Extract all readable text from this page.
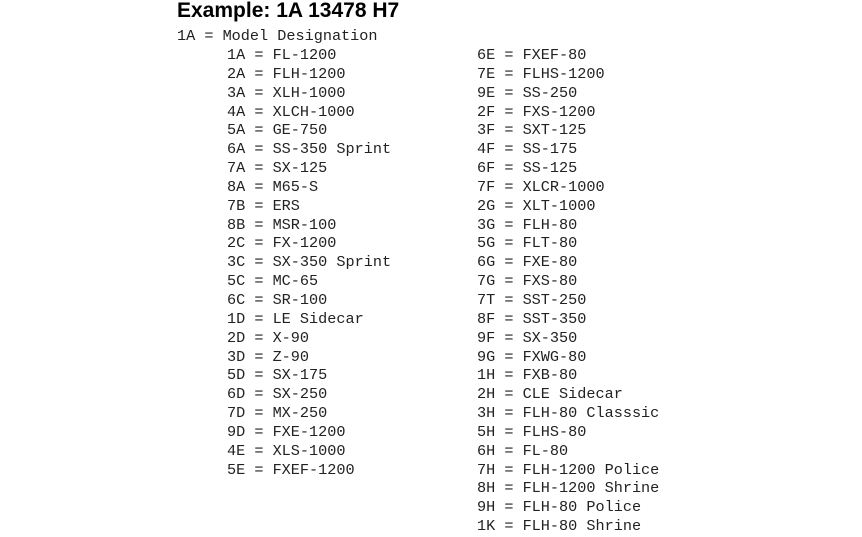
Example: 1A 13478 H7
1A = Model Designation
1A = FL-1200
2A = FLH-1200
3A = XLH-1000
4A = XLCH-1000
5A = GE-750
6A = SS-350 Sprint
7A = SX-125
8A = M65-S
7B = ERS
8B = MSR-100
2C = FX-1200
3C = SX-350 Sprint
5C = MC-65
6C = SR-100
1D = LE Sidecar
2D = X-90
3D = Z-90
5D = SX-175
6D = SX-250
7D = MX-250
9D = FXE-1200
4E = XLS-1000
5E = FXEF-1200
6E = FXEF-80
7E = FLHS-1200
9E = SS-250
2F = FXS-1200
3F = SXT-125
4F = SS-175
6F = SS-125
7F = XLCR-1000
2G = XLT-1000
3G = FLH-80
5G = FLT-80
6G = FXE-80
7G = FXS-80
7T = SST-250
8F = SST-350
9F = SX-350
9G = FXWG-80
1H = FXB-80
2H = CLE Sidecar
3H = FLH-80 Classsic
5H = FLHS-80
6H = FL-80
7H = FLH-1200 Police
8H = FLH-1200 Shrine
9H = FLH-80 Police
1K = FLH-80 Shrine
